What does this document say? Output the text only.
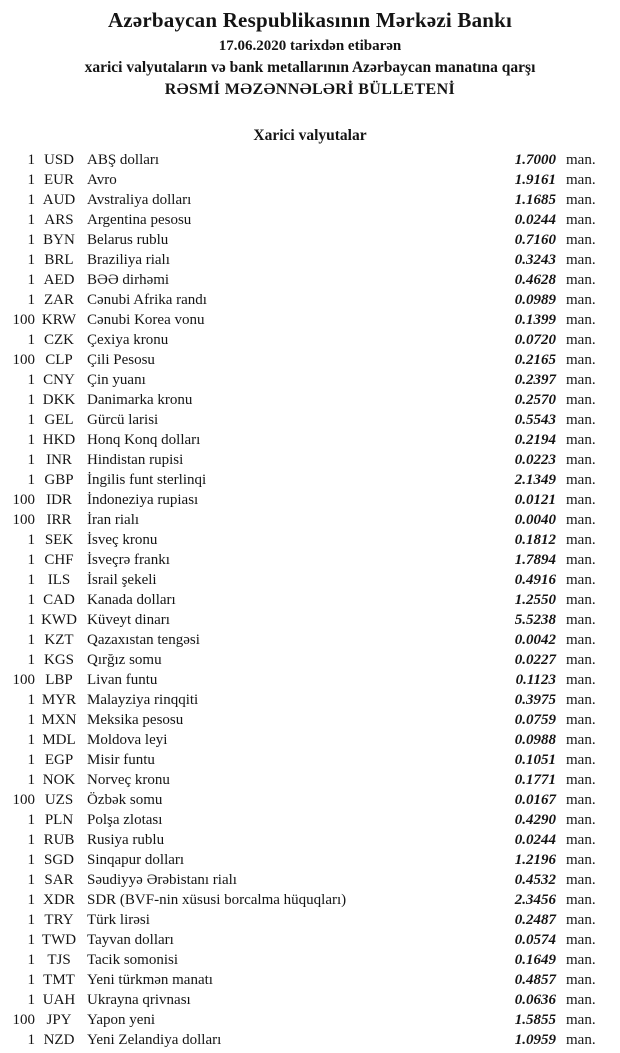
Azərbaycan Respublikasının Mərkəzi Bankı
17.06.2020 tarixdən etibarən
xarici valyutaların və bank metallarının Azərbaycan manatına qarşı
RƏSMİ MƏZƏNNƏLƏRİ BÜLLETENİ
Xarici valyutalar
1 USD ABŞ dolları	1.7000 man.
1 EUR Avro	1.9161 man.
1 AUD Avstraliya dolları	1.1685 man.
1 ARS Argentina pesosu	0.0244 man.
1 BYN Belarus rublu	0.7160 man.
1 BRL Braziliya rialı	0.3243 man.
1 AED BƏƏ dirhəmi	0.4628 man.
1 ZAR Cənubi Afrika randı	0.0989 man.
100 KRW Cənubi Korea vonu	0.1399 man.
1 CZK Çexiya kronu	0.0720 man.
100 CLP Çili Pesosu	0.2165 man.
1 CNY Çin yuanı	0.2397 man.
1 DKK Danimarka kronu	0.2570 man.
1 GEL Gürcü larisi	0.5543 man.
1 HKD Honq Konq dolları	0.2194 man.
1 INR	Hindistan rupisi	0.0223 man.
1 GBP İngilis funt sterlinqi	2.1349 man.
100 IDR	İndoneziya rupiası	0.0121 man.
100 IRR	İran rialı	0.0040 man.
1 SEK İsveç kronu	0.1812 man.
1 CHF İsveçrə frankı	1.7894 man.
1 ILS	İsrail şekeli	0.4916 man.
1 CAD Kanada dolları	1.2550 man.
1 KWD Küveyt dinarı	5.5238 man.
1 KZT Qazaxıstan tengəsi	0.0042 man.
1 KGS Qırğız somu	0.0227 man.
100 LBP Livan funtu	0.1123 man.
1 MYR Malayziya rinqqiti	0.3975 man.
1 MXN Meksika pesosu	0.0759 man.
1 MDL Moldova leyi	0.0988 man.
1 EGP Misir funtu	0.1051 man.
1 NOK Norveç kronu	0.1771 man.
100 UZS Özbək somu	0.0167 man.
1 PLN Polşa zlotası	0.4290 man.
1 RUB Rusiya rublu	0.0244 man.
1 SGD Sinqapur dolları	1.2196 man.
1 SAR Səudiyyə Ərəbistanı rialı	0.4532 man.
1 XDR SDR (BVF-nin xüsusi borcalma hüquqları)	2.3456 man.
1 TRY Türk lirəsi	0.2487 man.
1 TWD Tayvan dolları	0.0574 man.
1 TJS	Tacik somonisi	0.1649 man.
1 TMT Yeni türkmən manatı	0.4857 man.
1 UAH Ukrayna qrivnası	0.0636 man.
100 JPY	Yapon yeni	1.5855 man.
1 NZD Yeni Zelandiya dolları	1.0959 man.
